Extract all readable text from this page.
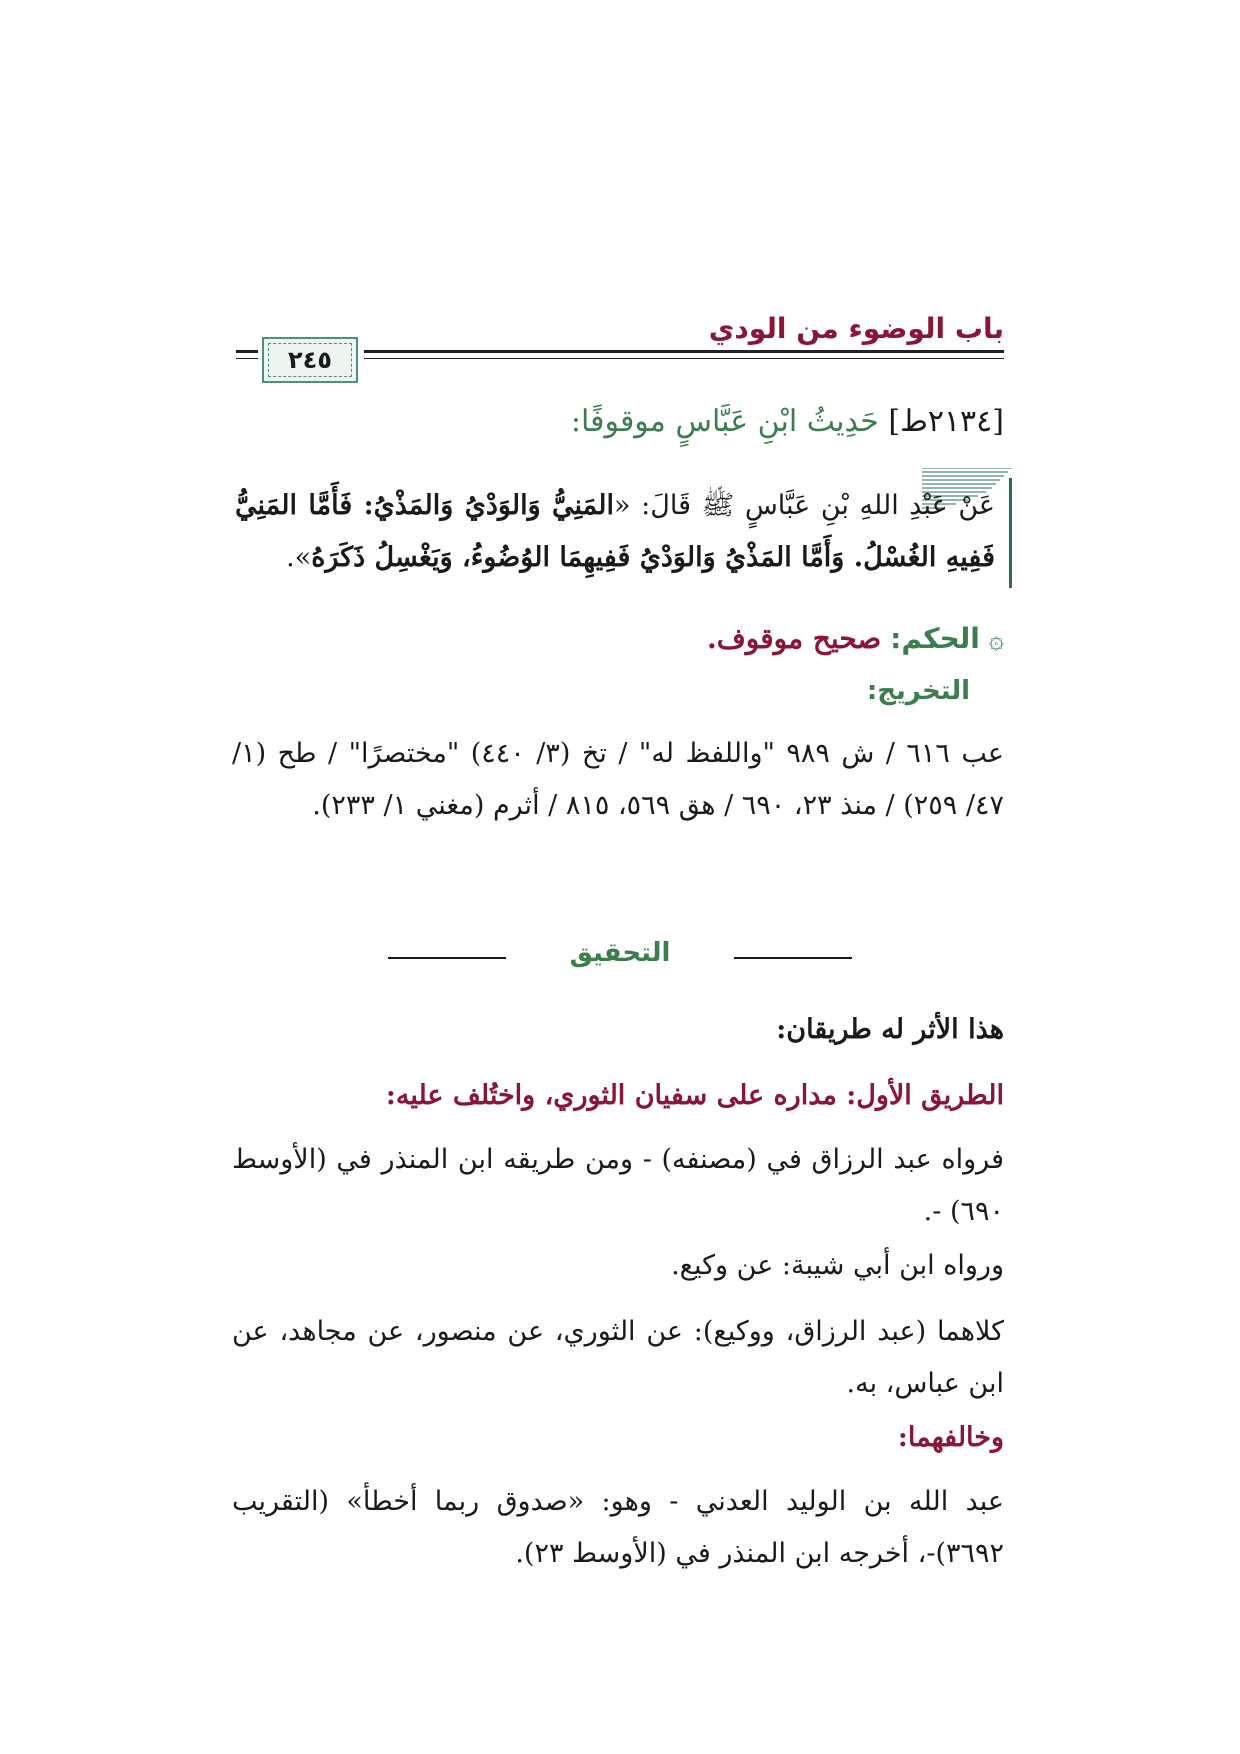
باب الوضوء من الودي
٢٤٥
[٢١٣٤ط] حَدِيثُ ابْنِ عَبَّاسٍ موقوفًا:
عَنْ عَبْدِ اللهِ بْنِ عَبَّاسٍ ﷺ قَالَ: «المَنِيُّ وَالوَدْيُ وَالمَذْيُ: فَأَمَّا المَنِيُّ فَفِيهِ الغُسْلُ. وَأَمَّا المَذْيُ وَالوَدْيُ فَفِيهِمَا الوُضُوءُ، وَيَغْسِلُ ذَكَرَهُ».
۞ الحكم: صحيح موقوف.
التخريج:

عب ٦١٦ / ش ٩٨٩ "واللفظ له" / تخ (٣/ ٤٤٠) "مختصرًا" / طح (١/ ٤٧/ ٢٥٩) / منذ ٢٣، ٦٩٠ / هق ٥٦٩، ٨١٥ / أثرم (مغني ١/ ٢٣٣).

التحقيق
هذا الأثر له طريقان:
الطريق الأول: مداره على سفيان الثوري، واختُلف عليه:
فرواه عبد الرزاق في (مصنفه) - ومن طريقه ابن المنذر في (الأوسط ٦٩٠) -.
ورواه ابن أبي شيبة: عن وكيع.
كلاهما (عبد الرزاق، ووكيع): عن الثوري، عن منصور، عن مجاهد، عن ابن عباس، به.
وخالفهما:
عبد الله بن الوليد العدني - وهو: «صدوق ربما أخطأ» (التقريب ٣٦٩٢)-، أخرجه ابن المنذر في (الأوسط ٢٣).
